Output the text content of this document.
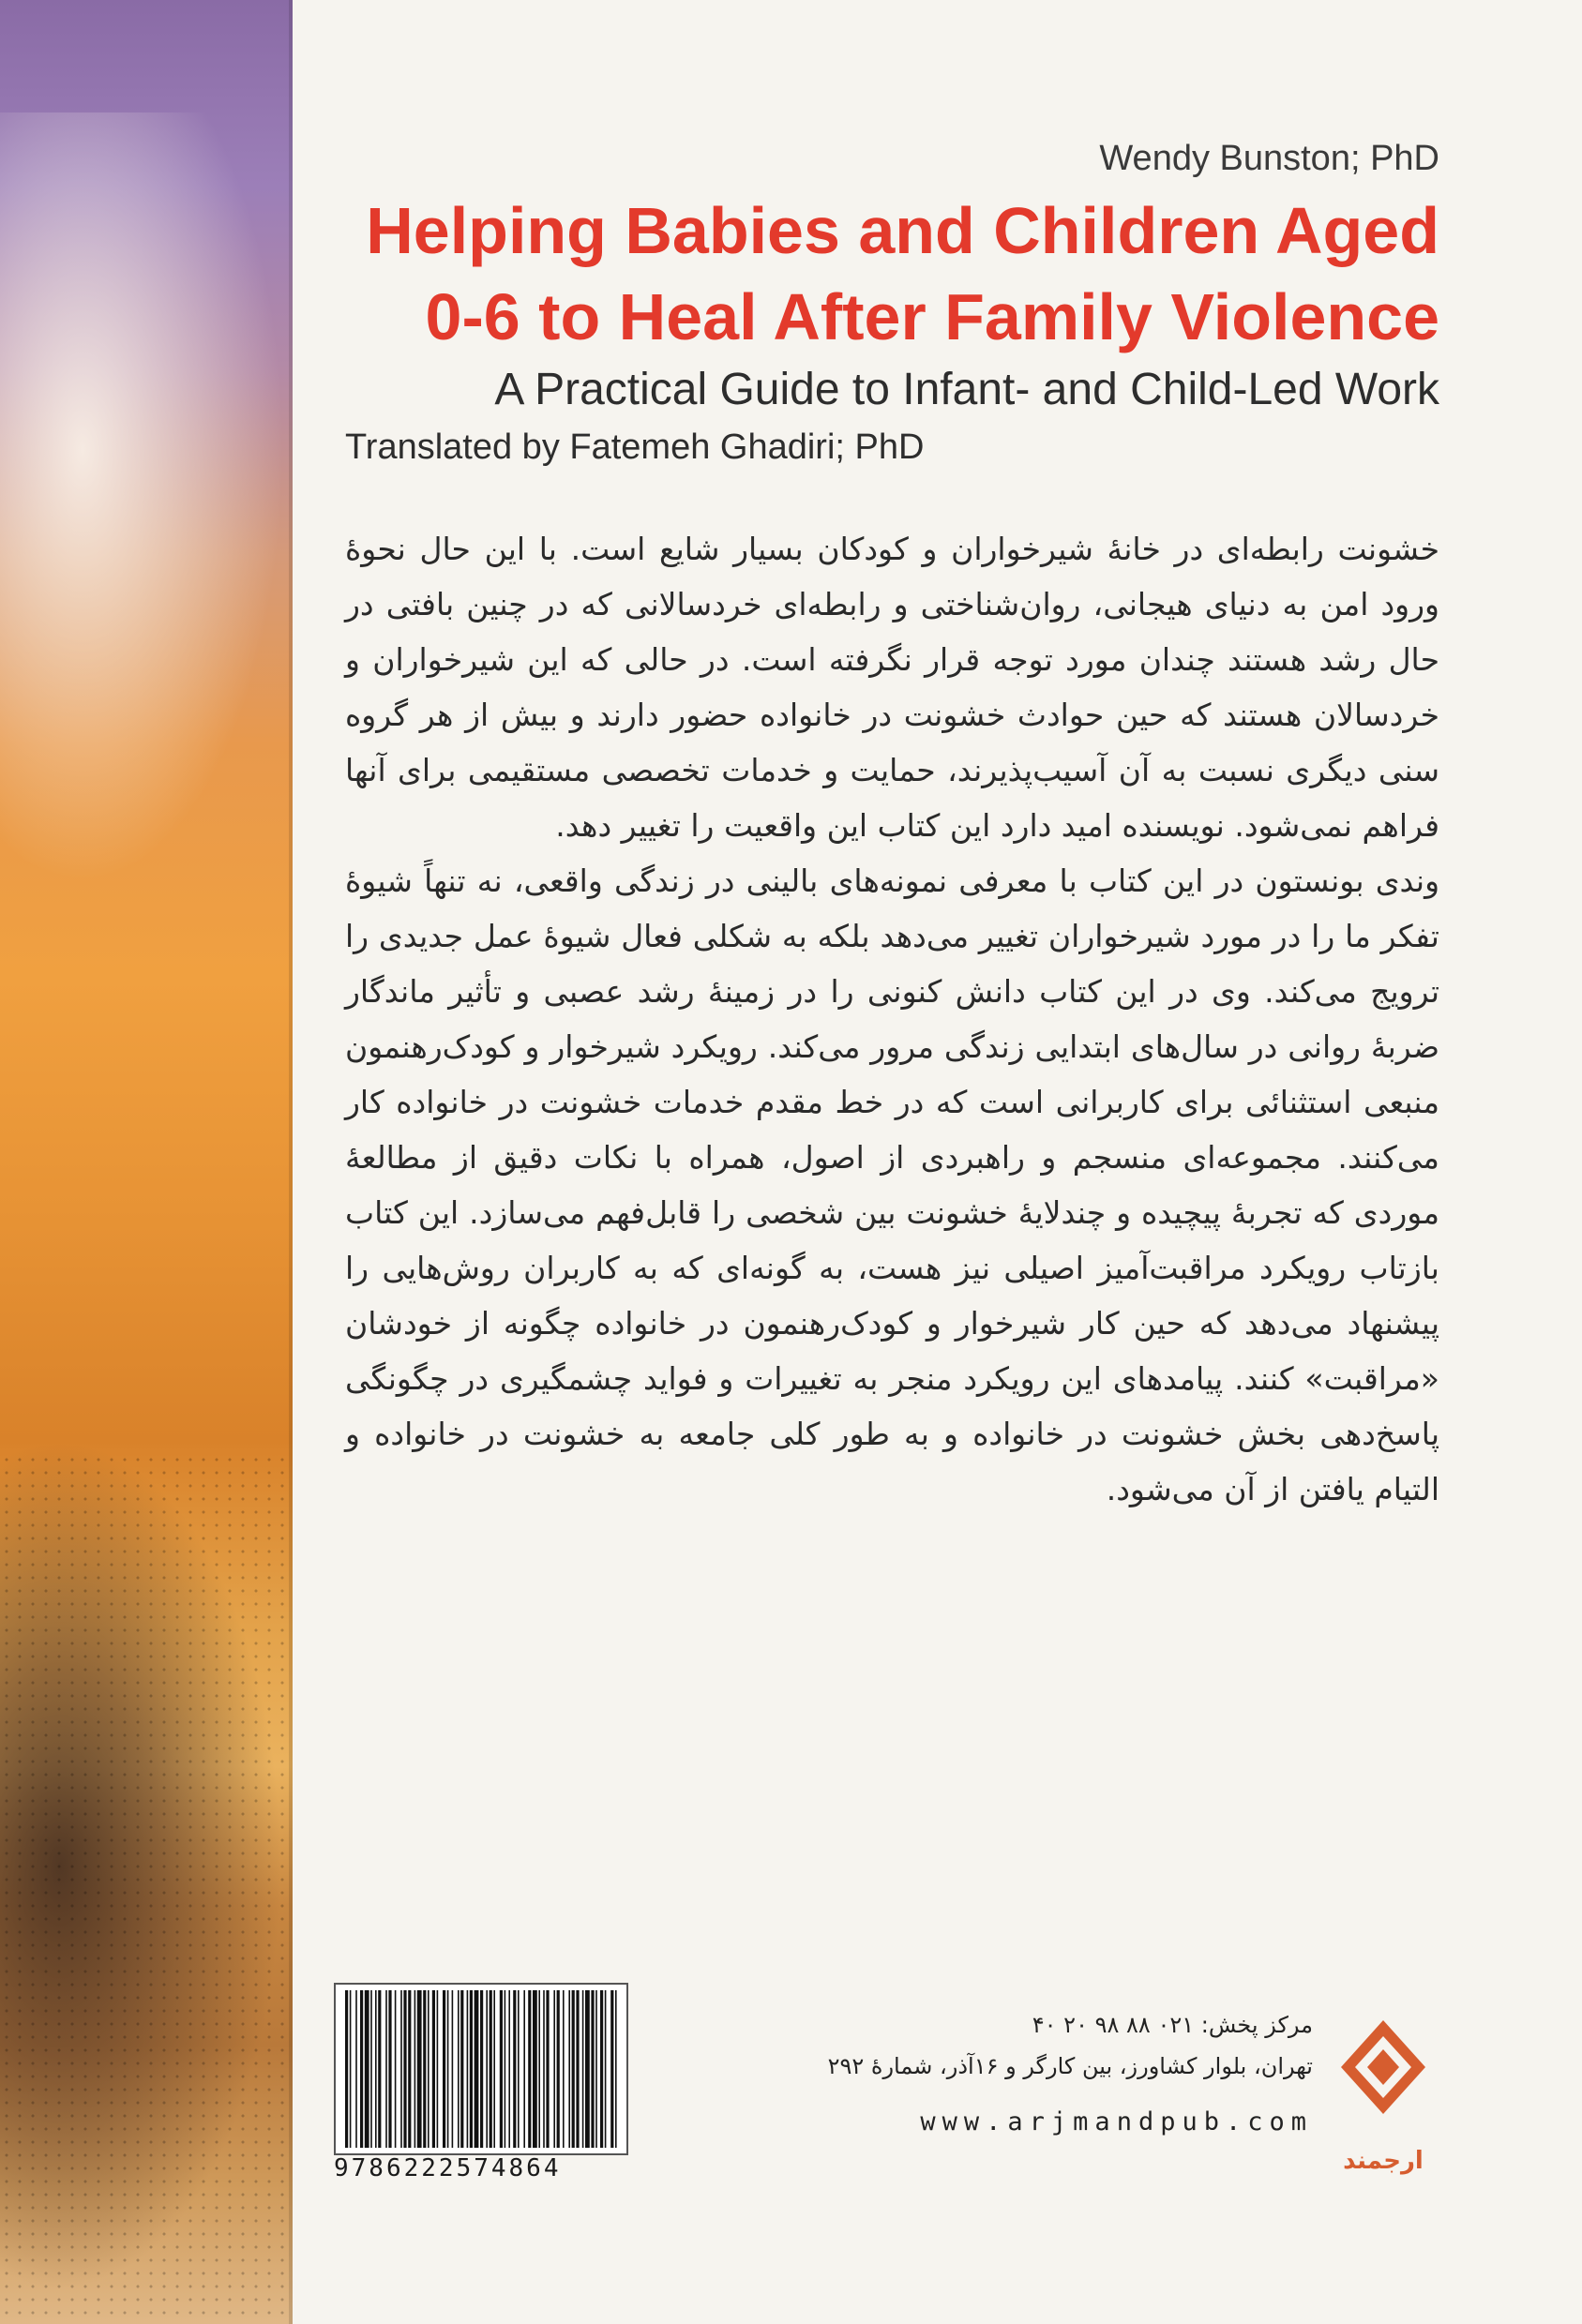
Wendy Bunston; PhD
Helping Babies and Children Aged
0-6 to Heal After Family Violence
A Practical Guide to Infant- and Child-Led Work
Translated by Fatemeh Ghadiri; PhD

خشونت رابطه‌ای در خانهٔ شیرخواران و کودکان بسیار شایع است. با این حال نحوهٔ ورود امن به دنیای هیجانی، روان‌شناختی و رابطه‌ای خردسالانی که در چنین بافتی در حال رشد هستند چندان مورد توجه قرار نگرفته است. در حالی که این شیرخواران و خردسالان هستند که حین حوادث خشونت در خانواده حضور دارند و بیش از هر گروه سنی دیگری نسبت به آن آسیب‌پذیرند، حمایت و خدمات تخصصی مستقیمی برای آنها فراهم نمی‌شود. نویسنده امید دارد این کتاب این واقعیت را تغییر دهد.

وندی بونستون در این کتاب با معرفی نمونه‌های بالینی در زندگی واقعی، نه تنهاً شیوهٔ تفکر ما را در مورد شیرخواران تغییر می‌دهد بلکه به شکلی فعال شیوهٔ عمل جدیدی را ترویج می‌کند. وی در این کتاب دانش کنونی را در زمینهٔ رشد عصبی و تأثیر ماندگار ضربهٔ روانی در سال‌های ابتدایی زندگی مرور می‌کند. رویکرد شیرخوار و کودک‌رهنمون منبعی استثنائی برای کاربرانی است که در خط مقدم خدمات خشونت در خانواده کار می‌کنند. مجموعه‌ای منسجم و راهبردی از اصول، همراه با نکات دقیق از مطالعهٔ موردی که تجربهٔ پیچیده و چندلایهٔ خشونت بین شخصی را قابل‌فهم می‌سازد. این کتاب بازتاب رویکرد مراقبت‌آمیز اصیلی نیز هست، به گونه‌ای که به کاربران روش‌هایی را پیشنهاد می‌دهد که حین کار شیرخوار و کودک‌رهنمون در خانواده چگونه از خودشان «مراقبت» کنند. پیامدهای این رویکرد منجر به تغییرات و فواید چشمگیری در چگونگی پاسخ‌دهی بخش خشونت در خانواده و به طور کلی جامعه به خشونت در خانواده و التیام یافتن از آن می‌شود.

9786222574864
مرکز پخش: ۰۲۱ ۸۸ ۹۸ ۲۰ ۴۰
تهران، بلوار کشاورز، بین کارگر و ۱۶آذر، شمارهٔ ۲۹۲
www.arjmandpub.com
ارجمند
